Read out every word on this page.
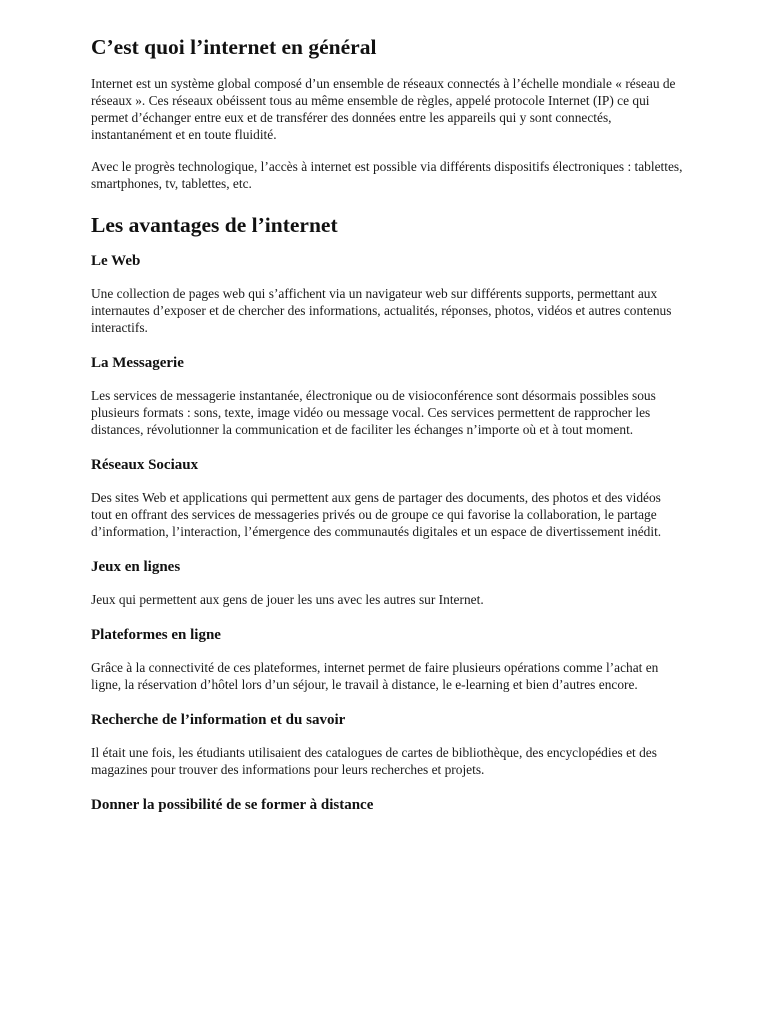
C’est quoi l’internet en général

Internet est un système global composé d’un ensemble de réseaux connectés à l’échelle mondiale « réseau de réseaux ». Ces réseaux obéissent tous au même ensemble de règles, appelé protocole Internet (IP) ce qui permet d’échanger entre eux et de transférer des données entre les appareils qui y sont connectés, instantanément et en toute fluidité.

Avec le progrès technologique, l’accès à internet est possible via différents dispositifs électroniques : tablettes, smartphones, tv, tablettes, etc.

Les avantages de l’internet
Le Web

Une collection de pages web qui s’affichent via un navigateur web sur différents supports, permettant aux internautes d’exposer et de chercher des informations, actualités, réponses, photos, vidéos et autres contenus interactifs.

La Messagerie

Les services de messagerie instantanée, électronique ou de visioconférence sont désormais possibles sous plusieurs formats : sons, texte, image vidéo ou message vocal. Ces services permettent de rapprocher les distances, révolutionner la communication et de faciliter les échanges n’importe où et à tout moment.

Réseaux Sociaux

Des sites Web et applications qui permettent aux gens de partager des documents, des photos et des vidéos tout en offrant des services de messageries privés ou de groupe ce qui favorise la collaboration, le partage d’information, l’interaction, l’émergence des communautés digitales et un espace de divertissement inédit.

Jeux en lignes

Jeux qui permettent aux gens de jouer les uns avec les autres sur Internet.

Plateformes en ligne

Grâce à la connectivité de ces plateformes, internet permet de faire plusieurs opérations comme l’achat en ligne, la réservation d’hôtel lors d’un séjour, le travail à distance, le e-learning et bien d’autres encore.

Recherche de l’information et du savoir

Il était une fois, les étudiants utilisaient des catalogues de cartes de bibliothèque, des encyclopédies et des magazines pour trouver des informations pour leurs recherches et projets.

Donner la possibilité de se former à distance
